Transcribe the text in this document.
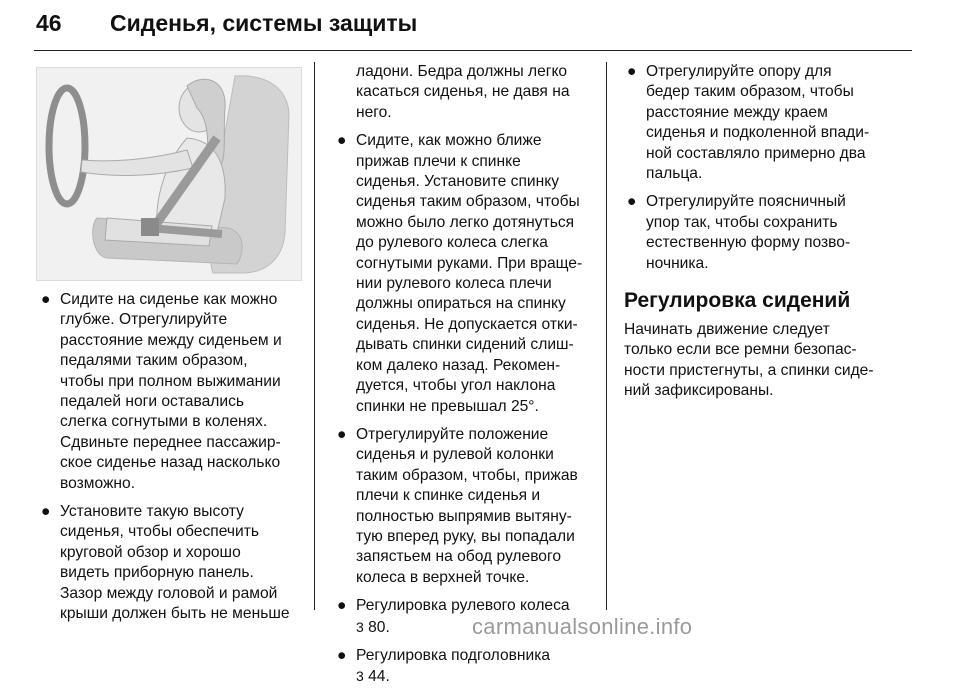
46 Сиденья, системы защиты
● Сидите на сиденье как можно
глубже. Отрегулируйте
расстояние между сиденьем и
педалями таким образом,
чтобы при полном выжимании
педалей ноги оставались
слегка согнутыми в коленях.
Сдвиньте переднее пассажир-
ское сиденье назад насколько
возможно.
● Установите такую высоту
сиденья, чтобы обеспечить
круговой обзор и хорошо
видеть приборную панель.
Зазор между головой и рамой
крыши должен быть не меньше

ладони. Бедра должны легко
касаться сиденья, не давя на
него.

● Сидите, как можно ближе
прижав плечи к спинке
сиденья. Установите спинку
сиденья таким образом, чтобы
можно было легко дотянуться
до рулевого колеса слегка
согнутыми руками. При враще-
нии рулевого колеса плечи
должны опираться на спинку
сиденья. Не допускается отки-
дывать спинки сидений слиш-
ком далеко назад. Рекомен-
дуется, чтобы угол наклона
спинки не превышал 25°.
● Отрегулируйте положение
сиденья и рулевой колонки
таким образом, чтобы, прижав
плечи к спинке сиденья и
полностью выпрямив вытяну-
тую вперед руку, вы попадали
запястьем на обод рулевого
колеса в верхней точке.
● Регулировка рулевого колеса
3 80.
● Регулировка подголовника
3 44.
● Отрегулируйте опору для
бедер таким образом, чтобы
расстояние между краем
сиденья и подколенной впади-
ной составляло примерно два
пальца.
● Отрегулируйте поясничный
упор так, чтобы сохранить
естественную форму позво-
ночника.
Регулировка сидений

Начинать движение следует
только если все ремни безопас-
ности пристегнуты, а спинки сиде-
ний зафиксированы.

carmanualsonline.info
